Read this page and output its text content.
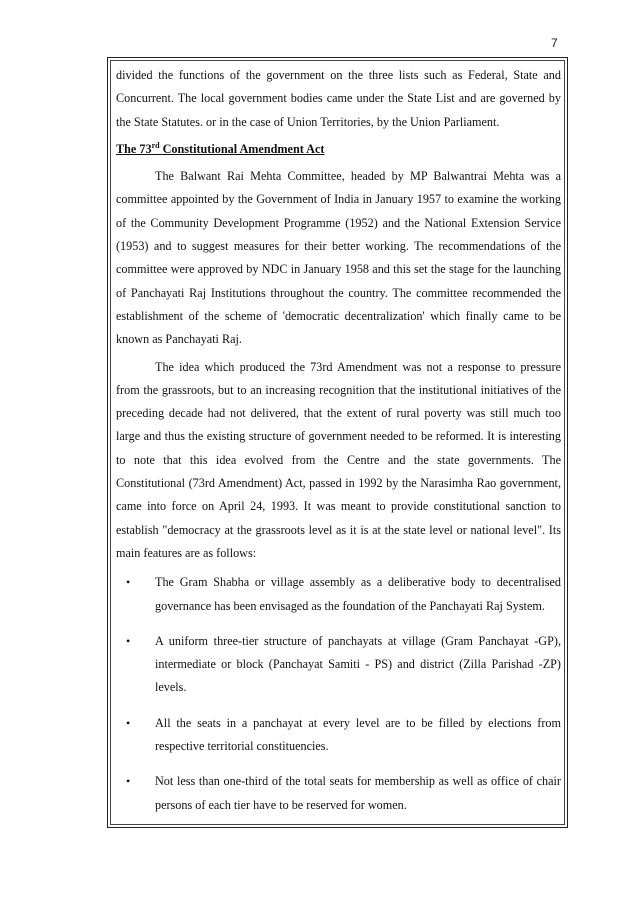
7

divided the functions of the government on the three lists such as Federal, State and Concurrent. The local government bodies came under the State List and are governed by the State Statutes. or in the case of Union Territories, by the Union Parliament.

The 73rd Constitutional Amendment Act

The Balwant Rai Mehta Committee, headed by MP Balwantrai Mehta was a committee appointed by the Government of India in January 1957 to examine the working of the Community Development Programme (1952) and the National Extension Service (1953) and to suggest measures for their better working. The recommendations of the committee were approved by NDC in January 1958 and this set the stage for the launching of Panchayati Raj Institutions throughout the country. The committee recommended the establishment of the scheme of 'democratic decentralization' which finally came to be known as Panchayati Raj.

The idea which produced the 73rd Amendment was not a response to pressure from the grassroots, but to an increasing recognition that the institutional initiatives of the preceding decade had not delivered, that the extent of rural poverty was still much too large and thus the existing structure of government needed to be reformed. It is interesting to note that this idea evolved from the Centre and the state governments. The Constitutional (73rd Amendment) Act, passed in 1992 by the Narasimha Rao government, came into force on April 24, 1993. It was meant to provide constitutional sanction to establish "democracy at the grassroots level as it is at the state level or national level". Its main features are as follows:

• The Gram Shabha or village assembly as a deliberative body to decentralised governance has been envisaged as the foundation of the Panchayati Raj System.
• A uniform three-tier structure of panchayats at village (Gram Panchayat -GP), intermediate or block (Panchayat Samiti - PS) and district (Zilla Parishad -ZP) levels.
• All the seats in a panchayat at every level are to be filled by elections from respective territorial constituencies.
• Not less than one-third of the total seats for membership as well as office of chair persons of each tier have to be reserved for women.
